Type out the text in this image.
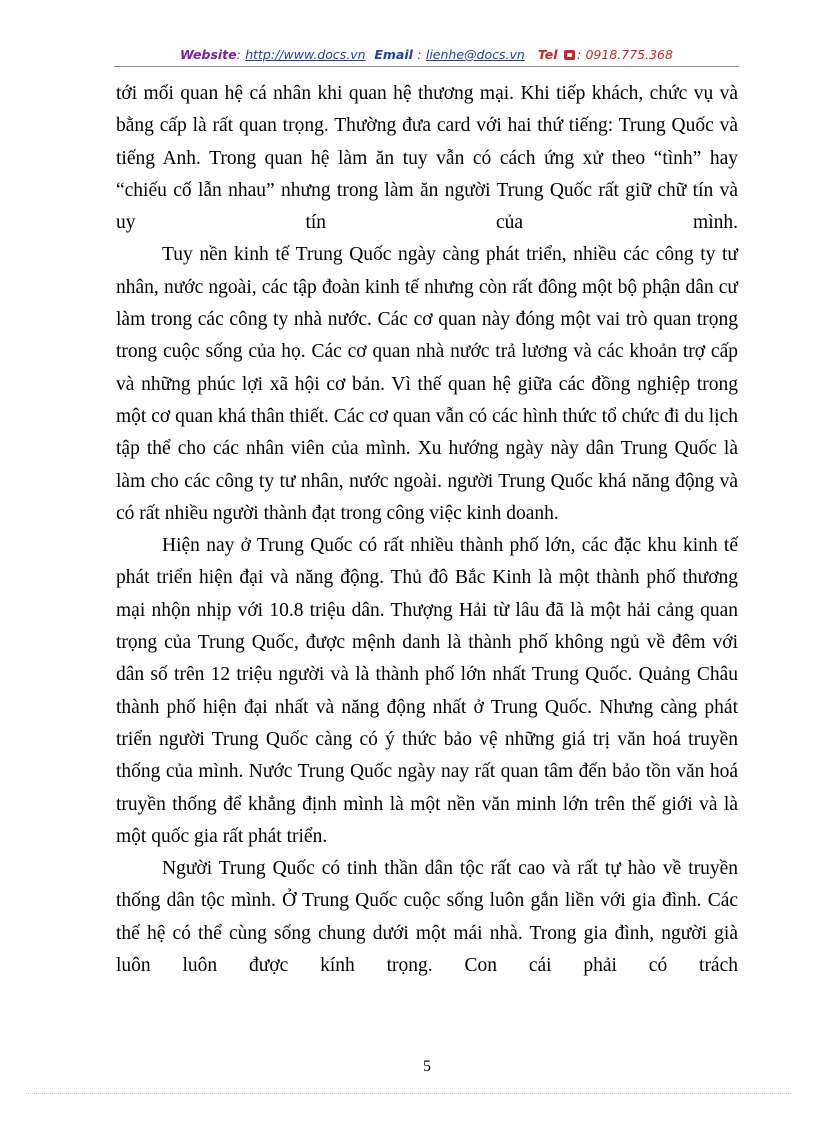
Website: http://www.docs.vn Email : lienhe@docs.vn Tel : 0918.775.368

tới mối quan hệ cá nhân khi quan hệ thương mại. Khi tiếp khách, chức vụ và bằng cấp là rất quan trọng. Thường đưa card với hai thứ tiếng: Trung Quốc và tiếng Anh. Trong quan hệ làm ăn tuy vẫn có cách ứng xử theo “tình” hay “chiếu cố lẫn nhau” nhưng trong làm ăn người Trung Quốc rất giữ chữ tín và uy tín của mình.

Tuy nền kinh tế Trung Quốc ngày càng phát triển, nhiều các công ty tư nhân, nước ngoài, các tập đoàn kinh tế nhưng còn rất đông một bộ phận dân cư làm trong các công ty nhà nước. Các cơ quan này đóng một vai trò quan trọng trong cuộc sống của họ. Các cơ quan nhà nước trả lương và các khoản trợ cấp và những phúc lợi xã hội cơ bản. Vì thế quan hệ giữa các đồng nghiệp trong một cơ quan khá thân thiết. Các cơ quan vẫn có các hình thức tổ chức đi du lịch tập thể cho các nhân viên của mình. Xu hướng ngày này dân Trung Quốc là làm cho các công ty tư nhân, nước ngoài. người Trung Quốc khá năng động và có rất nhiều người thành đạt trong công việc kinh doanh.

Hiện nay ở Trung Quốc có rất nhiều thành phố lớn, các đặc khu kinh tế phát triển hiện đại và năng động. Thủ đô Bắc Kinh là một thành phố thương mại nhộn nhịp với 10.8 triệu dân. Thượng Hải từ lâu đã là một hải cảng quan trọng của Trung Quốc, được mệnh danh là thành phố không ngủ về đêm với dân số trên 12 triệu người và là thành phố lớn nhất Trung Quốc. Quảng Châu thành phố hiện đại nhất và năng động nhất ở Trung Quốc. Nhưng càng phát triển người Trung Quốc càng có ý thức bảo vệ những giá trị văn hoá truyền thống của mình. Nước Trung Quốc ngày nay rất quan tâm đến bảo tồn văn hoá truyền thống để khẳng định mình là một nền văn minh lớn trên thế giới và là một quốc gia rất phát triển.

Người Trung Quốc có tinh thần dân tộc rất cao và rất tự hào về truyền thống dân tộc mình. Ở Trung Quốc cuộc sống luôn gắn liền với gia đình. Các thế hệ có thể cùng sống chung dưới một mái nhà. Trong gia đình, người già luôn luôn được kính trọng. Con cái phải có trách

5
